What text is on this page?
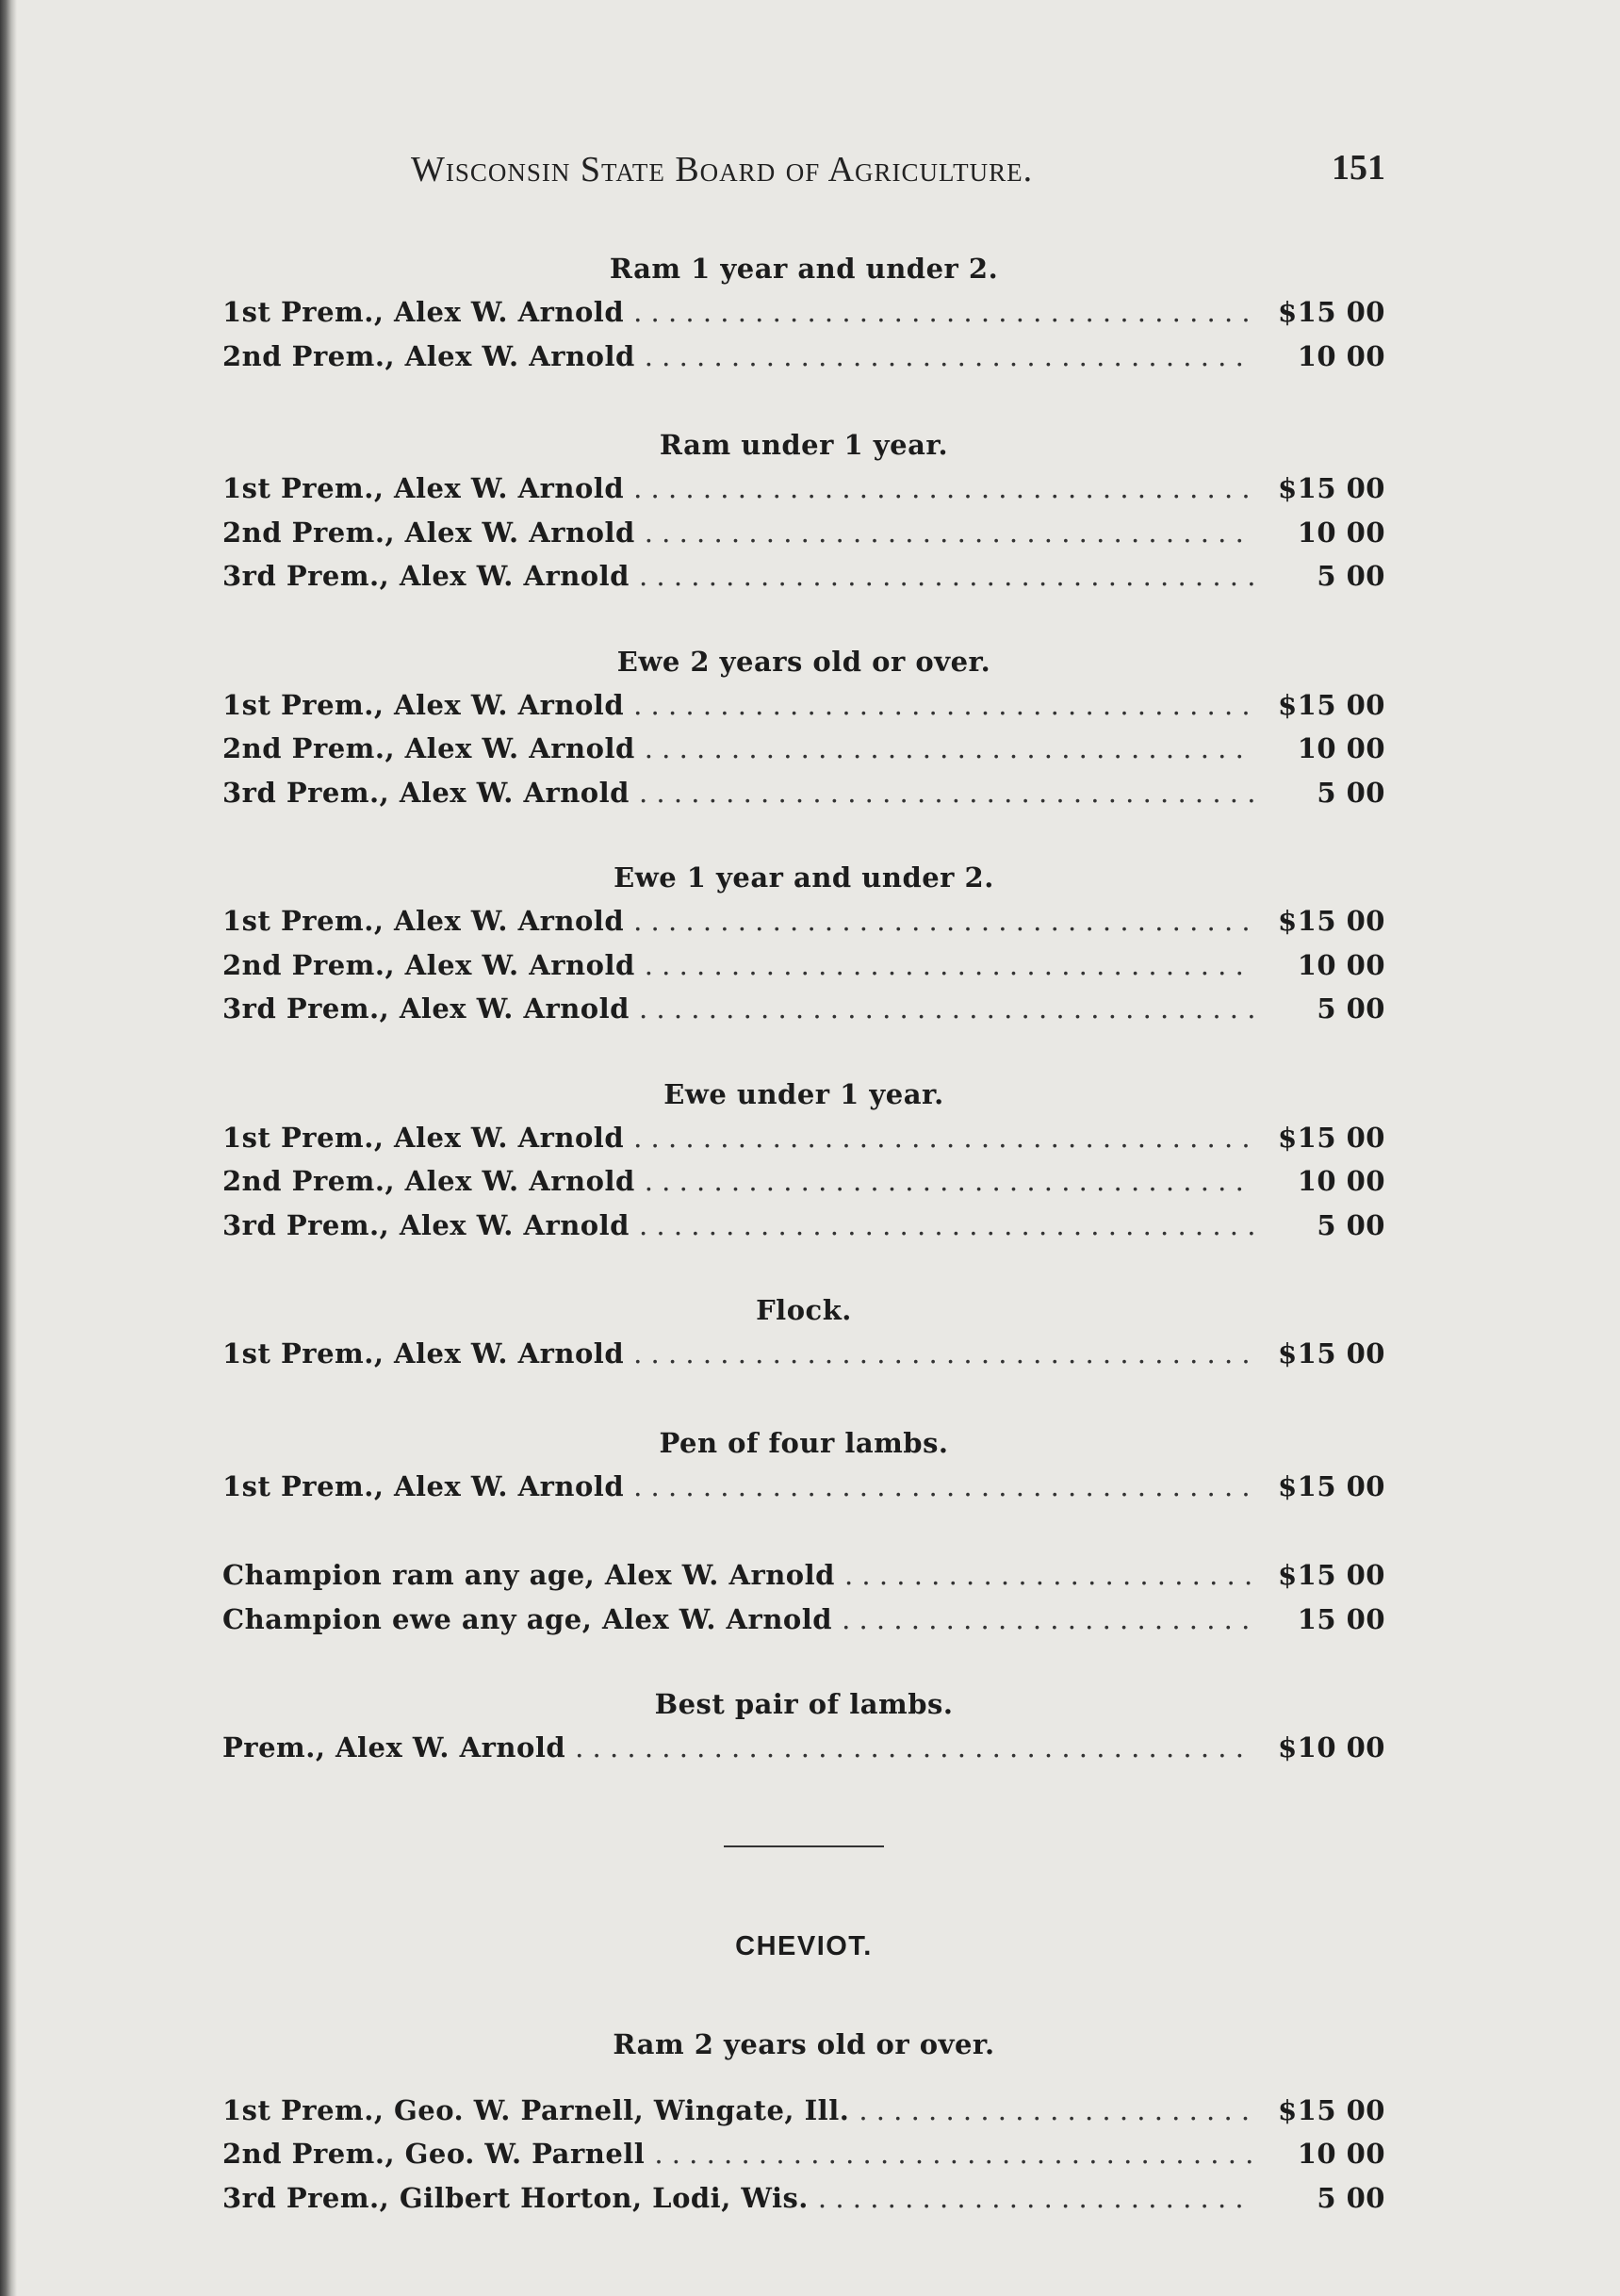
Wisconsin State Board of Agriculture.	151
Ram 1 year and under 2.
1st Prem., Alex W. Arnold . . .	$15 00
2nd Prem., Alex W. Arnold . . .	10 00
Ram under 1 year.
1st Prem., Alex W. Arnold . . .	$15 00
2nd Prem., Alex W. Arnold . . .	10 00
3rd Prem., Alex W. Arnold . . .	5 00
Ewe 2 years old or over.
1st Prem., Alex W. Arnold . . .	$15 00
2nd Prem., Alex W. Arnold . . .	10 00
3rd Prem., Alex W. Arnold . . .	5 00
Ewe 1 year and under 2.
1st Prem., Alex W. Arnold . . .	$15 00
2nd Prem., Alex W. Arnold . . .	10 00
3rd Prem., Alex W. Arnold . . .	5 00
Ewe under 1 year.
1st Prem., Alex W. Arnold . . .	$15 00
2nd Prem., Alex W. Arnold . . .	10 00
3rd Prem., Alex W. Arnold . . .	5 00
Flock.
1st Prem., Alex W. Arnold . . .	$15 00
Pen of four lambs.
1st Prem., Alex W. Arnold . . .	$15 00
Champion ram any age, Alex W. Arnold . . .	$15 00
Champion ewe any age, Alex W. Arnold . . .	15 00
Best pair of lambs.
Prem., Alex W. Arnold . . .	$10 00
CHEVIOT.
Ram 2 years old or over.
1st Prem., Geo. W. Parnell, Wingate, Ill. . . .	$15 00
2nd Prem., Geo. W. Parnell . . .	10 00
3rd Prem., Gilbert Horton, Lodi, Wis. . . .	5 00
